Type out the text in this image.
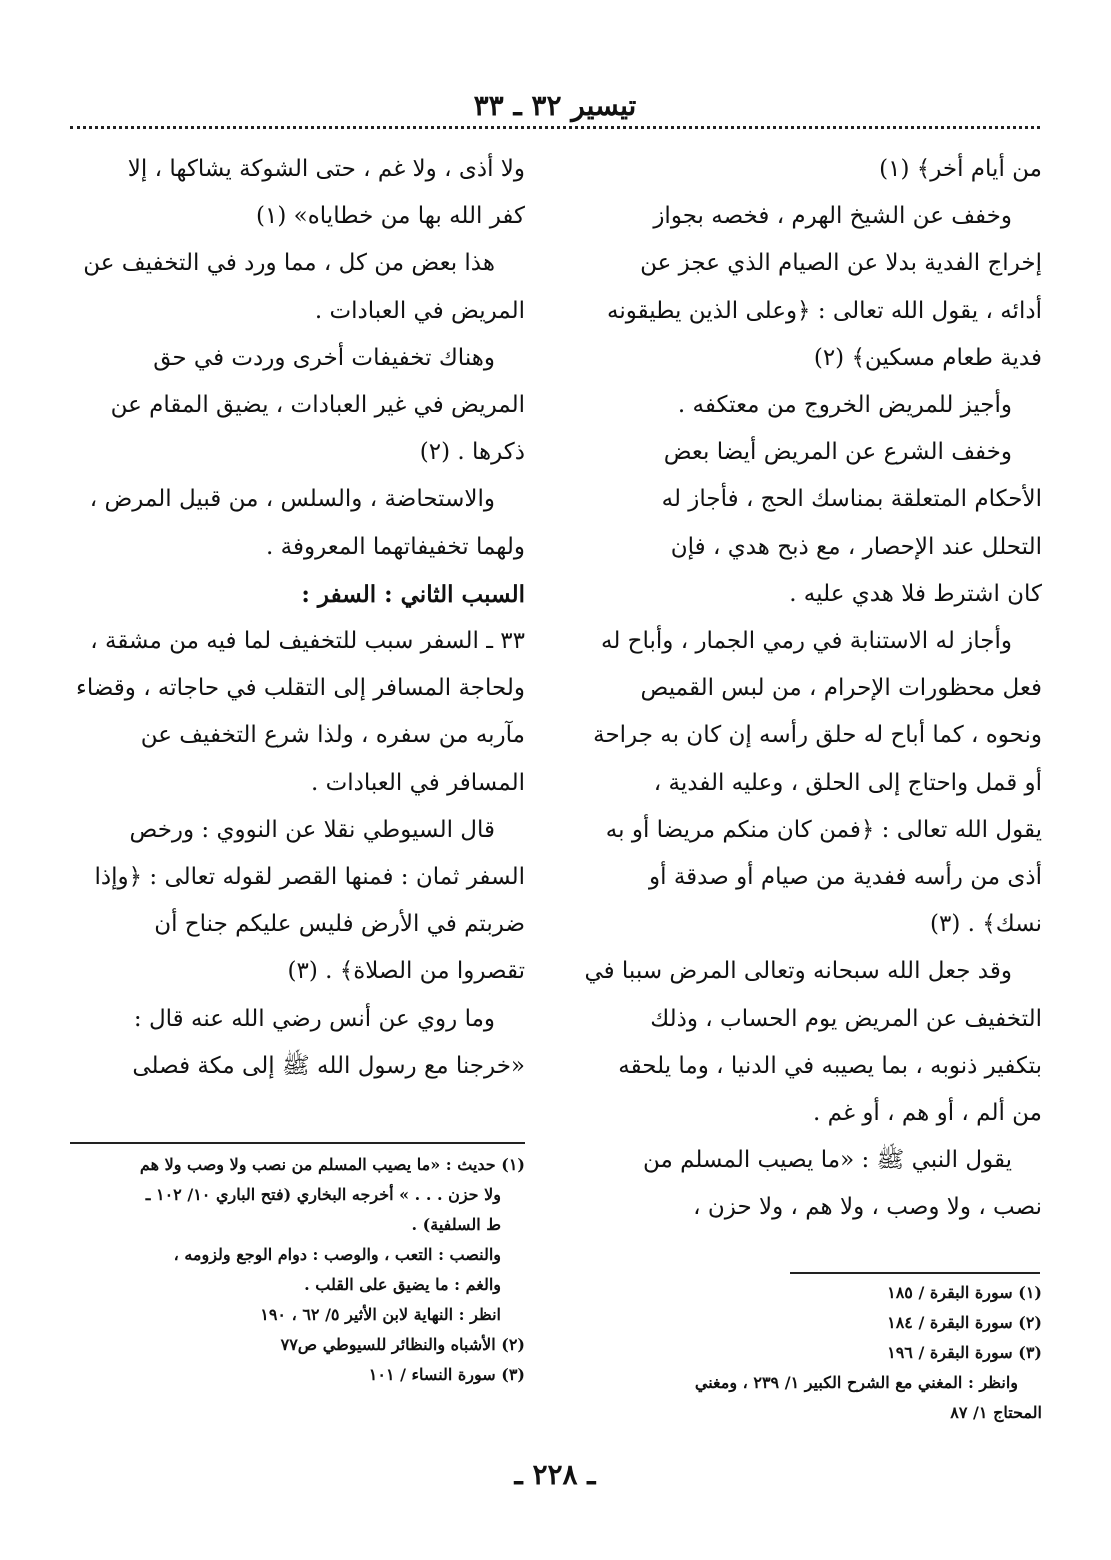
تيسير ٣٢ ـ ٣٣

من أيام أخر﴾ (١)

وخفف عن الشيخ الهرم ، فخصه بجواز

إخراج الفدية بدلا عن الصيام الذي عجز عن

أدائه ، يقول الله تعالى : ﴿وعلى الذين يطيقونه

فدية طعام مسكين﴾ (٢)

وأجيز للمريض الخروج من معتكفه .

وخفف الشرع عن المريض أيضا بعض

الأحكام المتعلقة بمناسك الحج ، فأجاز له

التحلل عند الإحصار ، مع ذبح هدي ، فإن

كان اشترط فلا هدي عليه .

وأجاز له الاستنابة في رمي الجمار ، وأباح له

فعل محظورات الإحرام ، من لبس القميص

ونحوه ، كما أباح له حلق رأسه إن كان به جراحة

أو قمل واحتاج إلى الحلق ، وعليه الفدية ،

يقول الله تعالى : ﴿فمن كان منكم مريضا أو به

أذى من رأسه ففدية من صيام أو صدقة أو

نسك﴾ . (٣)

وقد جعل الله سبحانه وتعالى المرض سببا في

التخفيف عن المريض يوم الحساب ، وذلك

بتكفير ذنوبه ، بما يصيبه في الدنيا ، وما يلحقه

من ألم ، أو هم ، أو غم .

يقول النبي ﷺ : «ما يصيب المسلم من

نصب ، ولا وصب ، ولا هم ، ولا حزن ،

ولا أذى ، ولا غم ، حتى الشوكة يشاكها ، إلا

كفر الله بها من خطاياه» (١)

هذا بعض من كل ، مما ورد في التخفيف عن

المريض في العبادات .

وهناك تخفيفات أخرى وردت في حق

المريض في غير العبادات ، يضيق المقام عن

ذكرها . (٢)

والاستحاضة ، والسلس ، من قبيل المرض ،

ولهما تخفيفاتهما المعروفة .

السبب الثاني : السفر :

٣٣ ـ السفر سبب للتخفيف لما فيه من مشقة ،

ولحاجة المسافر إلى التقلب في حاجاته ، وقضاء

مآربه من سفره ، ولذا شرع التخفيف عن

المسافر في العبادات .

قال السيوطي نقلا عن النووي : ورخص

السفر ثمان : فمنها القصر لقوله تعالى : ﴿وإذا

ضربتم في الأرض فليس عليكم جناح أن

تقصروا من الصلاة﴾ . (٣)

وما روي عن أنس رضي الله عنه قال :

«خرجنا مع رسول الله ﷺ إلى مكة فصلى

(١) حديث : «ما يصيب المسلم من نصب ولا وصب ولا هم

ولا حزن . . . » أخرجه البخاري (فتح الباري ١٠/ ١٠٢ ـ

ط السلفية) .

والنصب : التعب ، والوصب : دوام الوجع ولزومه ،

والغم : ما يضيق على القلب .

انظر : النهاية لابن الأثير ٥/ ٦٢ ، ١٩٠

(٢) الأشباه والنظائر للسيوطي ص٧٧

(٣) سورة النساء / ١٠١

(١) سورة البقرة / ١٨٥

(٢) سورة البقرة / ١٨٤

(٣) سورة البقرة / ١٩٦

وانظر : المغني مع الشرح الكبير ١/ ٢٣٩ ، ومغني

المحتاج ١/ ٨٧

ـ ٢٢٨ ـ
